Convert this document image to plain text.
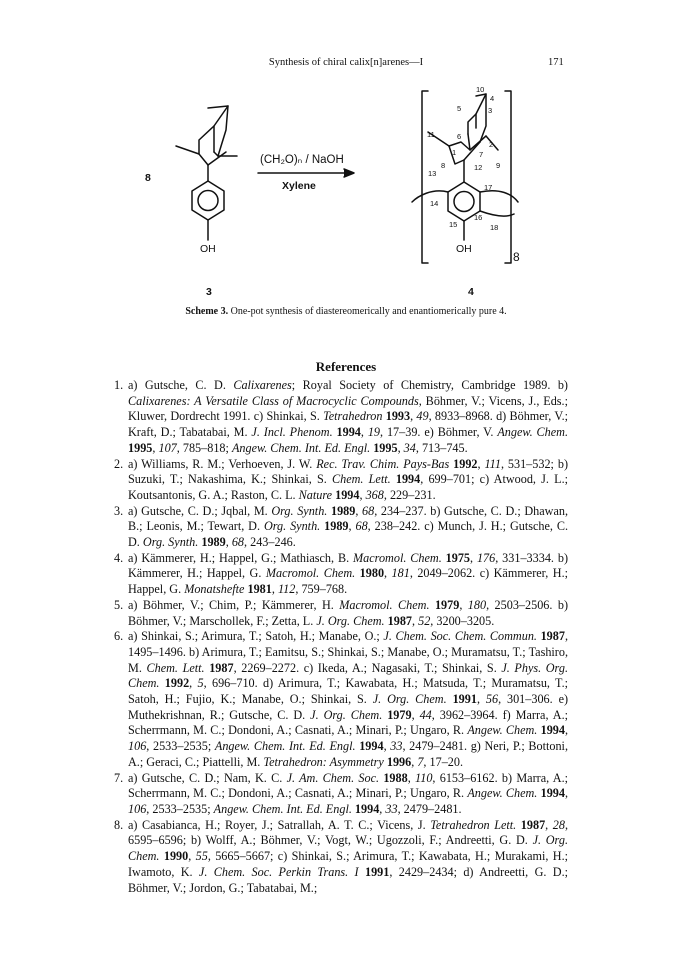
Synthesis of chiral calix[n]arenes—I	171
(CH₂O)ₙ / NaOH
Xylene
8
OH	OH
8
3	4
10
4
5	3
11	6
2
1	7
8	12 9
13
17
14
16
15	18
Scheme 3. One-pot synthesis of diastereomerically and enantiomerically pure 4.
References
1. a) Gutsche, C. D. Calixarenes; Royal Society of Chemistry, Cambridge 1989. b) Calixarenes: A Versatile Class of Macrocyclic Compounds, Böhmer, V.; Vicens, J., Eds.; Kluwer, Dordrecht 1991. c) Shinkai, S. Tetrahedron 1993, 49, 8933–8968. d) Böhmer, V.; Kraft, D.; Tabatabai, M. J. Incl. Phenom. 1994, 19, 17–39. e) Böhmer, V. Angew. Chem. 1995, 107, 785–818; Angew. Chem. Int. Ed. Engl. 1995, 34, 713–745.
2. a) Williams, R. M.; Verhoeven, J. W. Rec. Trav. Chim. Pays-Bas 1992, 111, 531–532; b) Suzuki, T.; Nakashima, K.; Shinkai, S. Chem. Lett. 1994, 699–701; c) Atwood, J. L.; Koutsantonis, G. A.; Raston, C. L. Nature 1994, 368, 229–231.
3. a) Gutsche, C. D.; Jqbal, M. Org. Synth. 1989, 68, 234–237. b) Gutsche, C. D.; Dhawan, B.; Leonis, M.; Tewart, D. Org. Synth. 1989, 68, 238–242. c) Munch, J. H.; Gutsche, C. D. Org. Synth. 1989, 68, 243–246.
4. a) Kämmerer, H.; Happel, G.; Mathiasch, B. Macromol. Chem. 1975, 176, 331–3334. b) Kämmerer, H.; Happel, G. Macromol. Chem. 1980, 181, 2049–2062. c) Kämmerer, H.; Happel, G. Monatshefte 1981, 112, 759–768.
5. a) Böhmer, V.; Chim, P.; Kämmerer, H. Macromol. Chem. 1979, 180, 2503–2506. b) Böhmer, V.; Marschollek, F.; Zetta, L. J. Org. Chem. 1987, 52, 3200–3205.
6. a) Shinkai, S.; Arimura, T.; Satoh, H.; Manabe, O.; J. Chem. Soc. Chem. Commun. 1987, 1495–1496. b) Arimura, T.; Eamitsu, S.; Shinkai, S.; Manabe, O.; Muramatsu, T.; Tashiro, M. Chem. Lett. 1987, 2269–2272. c) Ikeda, A.; Nagasaki, T.; Shinkai, S. J. Phys. Org. Chem. 1992, 5, 696–710. d) Arimura, T.; Kawabata, H.; Matsuda, T.; Muramatsu, T.; Satoh, H.; Fujio, K.; Manabe, O.; Shinkai, S. J. Org. Chem. 1991, 56, 301–306. e) Muthekrishnan, R.; Gutsche, C. D. J. Org. Chem. 1979, 44, 3962–3964. f) Marra, A.; Scherrmann, M. C.; Dondoni, A.; Casnati, A.; Minari, P.; Ungaro, R. Angew. Chem. 1994, 106, 2533–2535; Angew. Chem. Int. Ed. Engl. 1994, 33, 2479–2481. g) Neri, P.; Bottoni, A.; Geraci, C.; Piattelli, M. Tetrahedron: Asymmetry 1996, 7, 17–20.
7. a) Gutsche, C. D.; Nam, K. C. J. Am. Chem. Soc. 1988, 110, 6153–6162. b) Marra, A.; Scherrmann, M. C.; Dondoni, A.; Casnati, A.; Minari, P.; Ungaro, R. Angew. Chem. 1994, 106, 2533–2535; Angew. Chem. Int. Ed. Engl. 1994, 33, 2479–2481.
8. a) Casabianca, H.; Royer, J.; Satrallah, A. T. C.; Vicens, J. Tetrahedron Lett. 1987, 28, 6595–6596; b) Wolff, A.; Böhmer, V.; Vogt, W.; Ugozzoli, F.; Andreetti, G. D. J. Org. Chem. 1990, 55, 5665–5667; c) Shinkai, S.; Arimura, T.; Kawabata, H.; Murakami, H.; Iwamoto, K. J. Chem. Soc. Perkin Trans. I 1991, 2429–2434; d) Andreetti, G. D.; Böhmer, V.; Jordon, G.; Tabatabai, M.;
